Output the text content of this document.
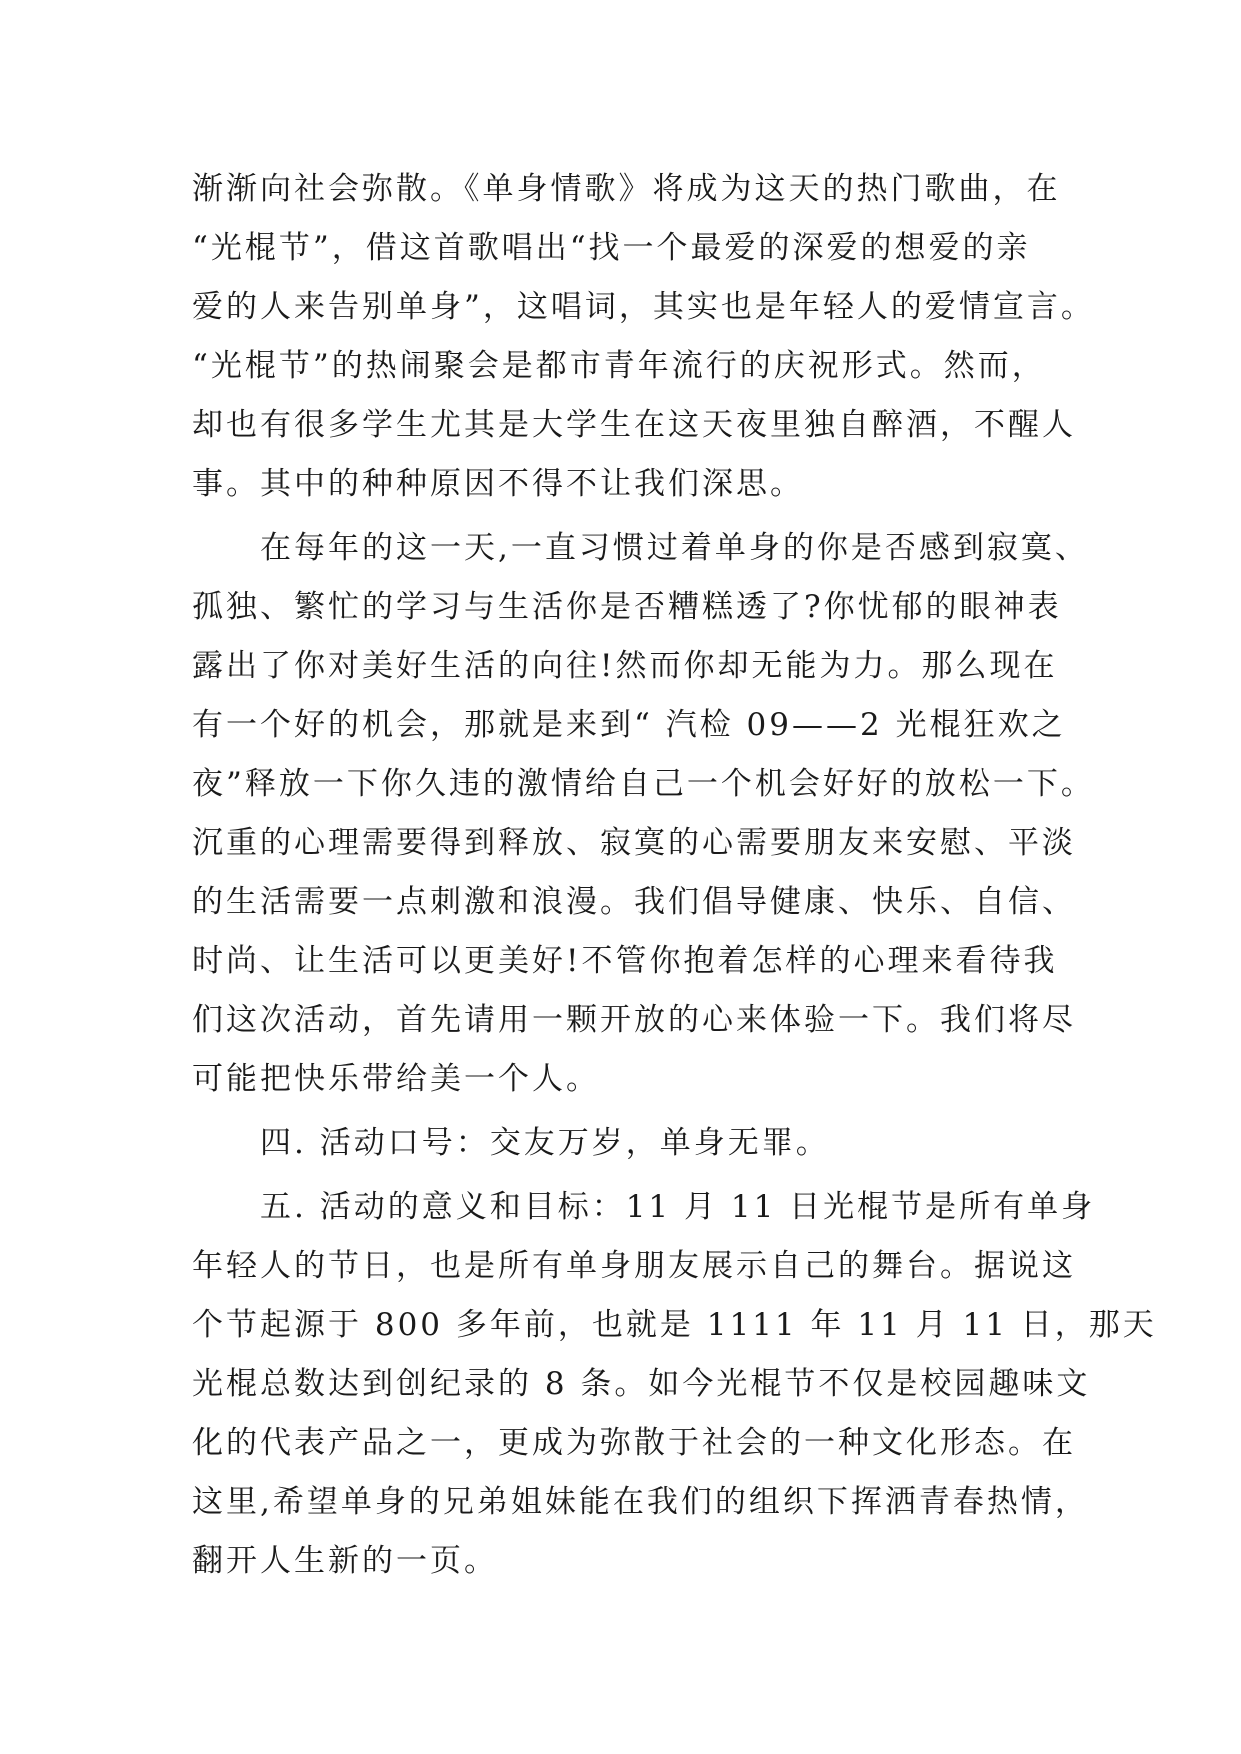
渐渐向社会弥散。《单身情歌》将成为这天的热门歌曲，在
“光棍节”，借这首歌唱出“找一个最爱的深爱的想爱的亲
爱的人来告别单身”，这唱词，其实也是年轻人的爱情宣言。
“光棍节”的热闹聚会是都市青年流行的庆祝形式。然而，
却也有很多学生尤其是大学生在这天夜里独自醉酒，不醒人
事。其中的种种原因不得不让我们深思。
　　在每年的这一天,一直习惯过着单身的你是否感到寂寞、
孤独、繁忙的学习与生活你是否糟糕透了?你忧郁的眼神表
露出了你对美好生活的向往!然而你却无能为力。那么现在
有一个好的机会，那就是来到“ 汽检 09——2 光棍狂欢之
夜”释放一下你久违的激情给自己一个机会好好的放松一下。
沉重的心理需要得到释放、寂寞的心需要朋友来安慰、平淡
的生活需要一点刺激和浪漫。我们倡导健康、快乐、自信、
时尚、让生活可以更美好!不管你抱着怎样的心理来看待我
们这次活动，首先请用一颗开放的心来体验一下。我们将尽
可能把快乐带给美一个人。
　　四. 活动口号：交友万岁，单身无罪。
　　五. 活动的意义和目标：11 月 11 日光棍节是所有单身
年轻人的节日，也是所有单身朋友展示自己的舞台。据说这
个节起源于 800 多年前，也就是 1111 年 11 月 11 日，那天
光棍总数达到创纪录的 8 条。如今光棍节不仅是校园趣味文
化的代表产品之一，更成为弥散于社会的一种文化形态。在
这里,希望单身的兄弟姐妹能在我们的组织下挥洒青春热情，
翻开人生新的一页。
